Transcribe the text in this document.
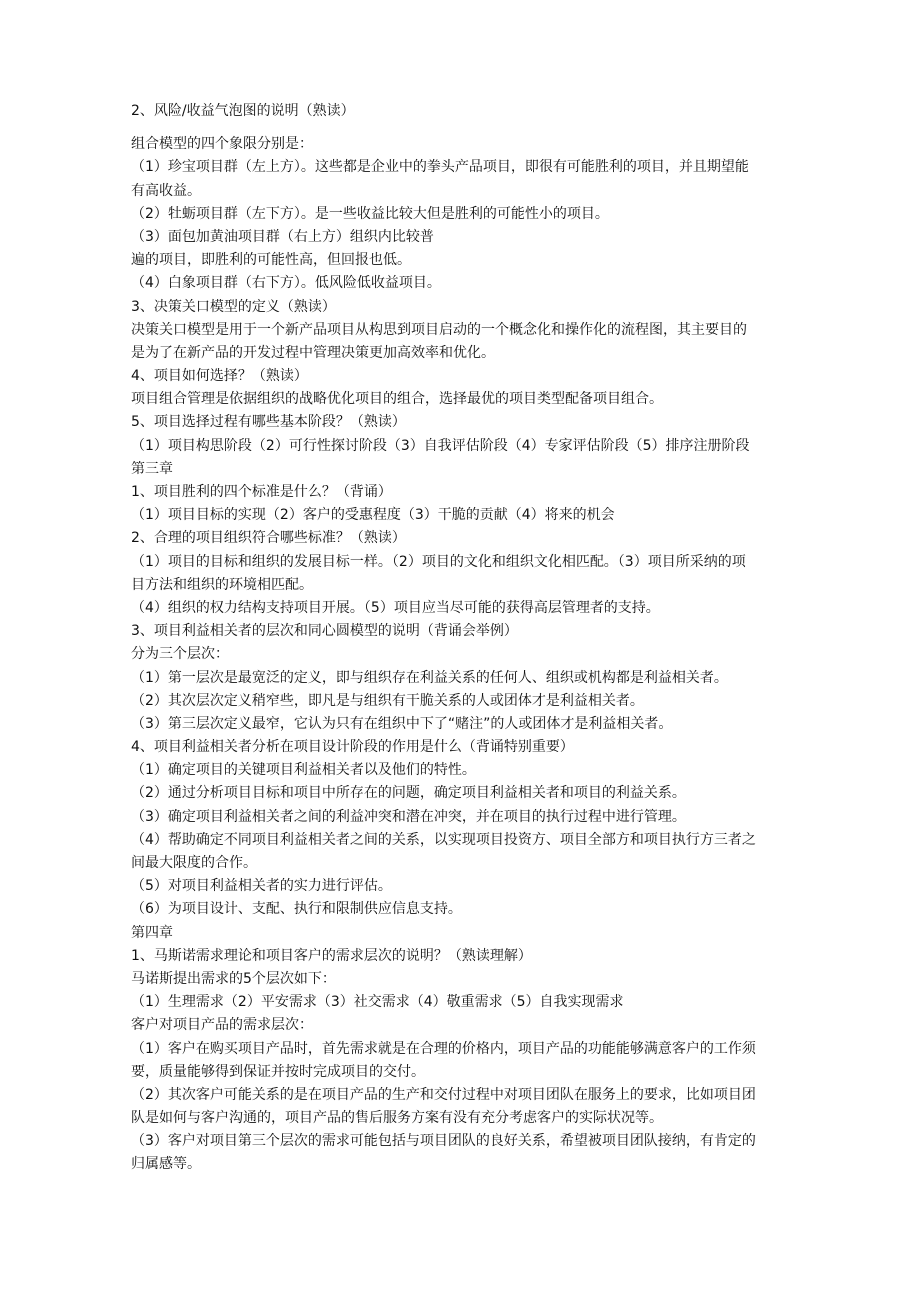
2、风险/收益气泡图的说明（熟读）
组合模型的四个象限分别是：
（1）珍宝项目群（左上方）。这些都是企业中的拳头产品项目，即很有可能胜利的项目，并且期望能
有高收益。
（2）牡蛎项目群（左下方）。是一些收益比较大但是胜利的可能性小的项目。
（3）面包加黄油项目群（右上方）组织内比较普
遍的项目，即胜利的可能性高，但回报也低。
（4）白象项目群（右下方）。低风险低收益项目。
3、决策关口模型的定义（熟读）
决策关口模型是用于一个新产品项目从构思到项目启动的一个概念化和操作化的流程图，其主要目的
是为了在新产品的开发过程中管理决策更加高效率和优化。
4、项目如何选择？（熟读）
项目组合管理是依据组织的战略优化项目的组合，选择最优的项目类型配备项目组合。
5、项目选择过程有哪些基本阶段？（熟读）
（1）项目构思阶段（2）可行性探讨阶段（3）自我评估阶段（4）专家评估阶段（5）排序注册阶段
第三章
1、项目胜利的四个标准是什么？（背诵）
（1）项目目标的实现（2）客户的受惠程度（3）干脆的贡献（4）将来的机会
2、合理的项目组织符合哪些标准？（熟读）
（1）项目的目标和组织的发展目标一样。（2）项目的文化和组织文化相匹配。（3）项目所采纳的项
目方法和组织的环境相匹配。
（4）组织的权力结构支持项目开展。（5）项目应当尽可能的获得高层管理者的支持。
3、项目利益相关者的层次和同心圆模型的说明（背诵会举例）
分为三个层次：
（1）第一层次是最宽泛的定义，即与组织存在利益关系的任何人、组织或机构都是利益相关者。
（2）其次层次定义稍窄些，即凡是与组织有干脆关系的人或团体才是利益相关者。
（3）第三层次定义最窄，它认为只有在组织中下了“赌注”的人或团体才是利益相关者。
4、项目利益相关者分析在项目设计阶段的作用是什么（背诵特别重要）
（1）确定项目的关键项目利益相关者以及他们的特性。
（2）通过分析项目目标和项目中所存在的问题，确定项目利益相关者和项目的利益关系。
（3）确定项目利益相关者之间的利益冲突和潜在冲突，并在项目的执行过程中进行管理。
（4）帮助确定不同项目利益相关者之间的关系，以实现项目投资方、项目全部方和项目执行方三者之
间最大限度的合作。
（5）对项目利益相关者的实力进行评估。
（6）为项目设计、支配、执行和限制供应信息支持。
第四章
1、马斯诺需求理论和项目客户的需求层次的说明？（熟读理解）
马诺斯提出需求的5个层次如下：
（1）生理需求（2）平安需求（3）社交需求（4）敬重需求（5）自我实现需求
客户对项目产品的需求层次：
（1）客户在购买项目产品时，首先需求就是在合理的价格内，项目产品的功能能够满意客户的工作须
要，质量能够得到保证并按时完成项目的交付。
（2）其次客户可能关系的是在项目产品的生产和交付过程中对项目团队在服务上的要求，比如项目团
队是如何与客户沟通的，项目产品的售后服务方案有没有充分考虑客户的实际状况等。
（3）客户对项目第三个层次的需求可能包括与项目团队的良好关系，希望被项目团队接纳，有肯定的
归属感等。
